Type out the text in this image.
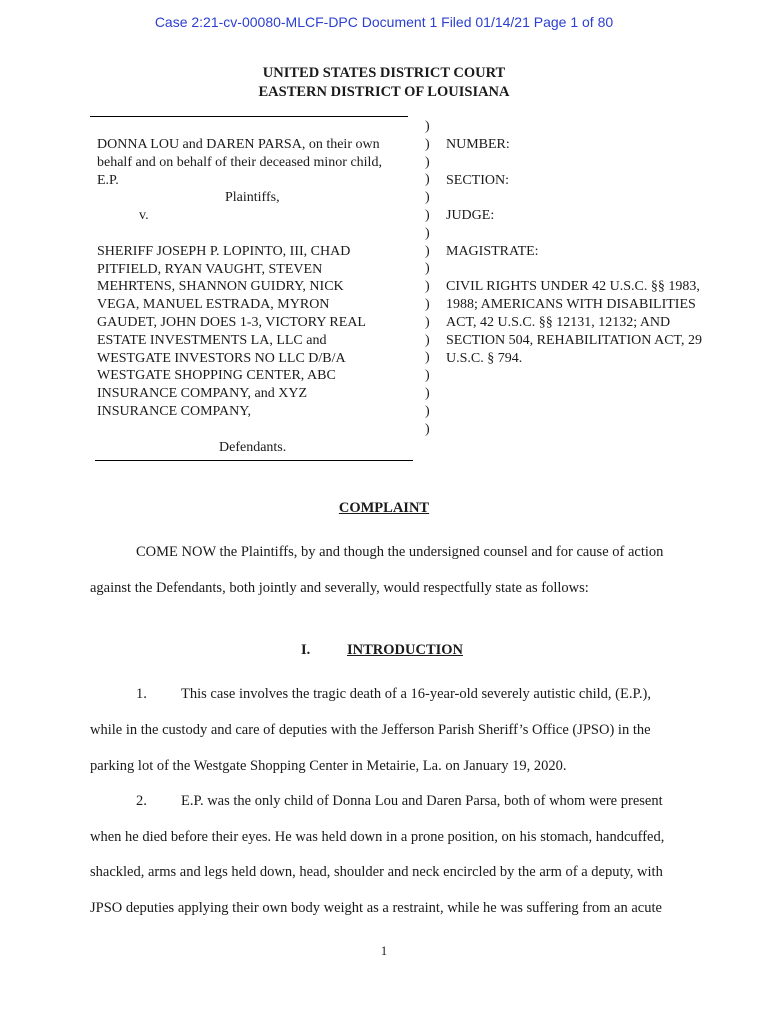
Case 2:21-cv-00080-MLCF-DPC Document 1 Filed 01/14/21 Page 1 of 80
UNITED STATES DISTRICT COURT
EASTERN DISTRICT OF LOUISIANA
DONNA LOU and DAREN PARSA, on their own
behalf and on behalf of their deceased minor child,
E.P.
Plaintiffs,
v.
SHERIFF JOSEPH P. LOPINTO, III, CHAD
PITFIELD, RYAN VAUGHT, STEVEN
MEHRTENS, SHANNON GUIDRY, NICK
VEGA, MANUEL ESTRADA, MYRON
GAUDET, JOHN DOES 1-3, VICTORY REAL
ESTATE INVESTMENTS LA, LLC and
WESTGATE INVESTORS NO LLC D/B/A
WESTGATE SHOPPING CENTER, ABC
INSURANCE COMPANY, and XYZ
INSURANCE COMPANY,
Defendants.
)
)
)
)
)
)
)
)
)
)
)
)
)
)
)
)
)
)
NUMBER:
SECTION:
JUDGE:
MAGISTRATE:
CIVIL RIGHTS UNDER 42 U.S.C. §§ 1983,
1988; AMERICANS WITH DISABILITIES
ACT, 42 U.S.C. §§ 12131, 12132; AND
SECTION 504, REHABILITATION ACT, 29
U.S.C. § 794.
COMPLAINT
COME NOW the Plaintiffs, by and though the undersigned counsel and for cause of action
against the Defendants, both jointly and severally, would respectfully state as follows:
I.	INTRODUCTION
1. This case involves the tragic death of a 16-year-old severely autistic child, (E.P.),
while in the custody and care of deputies with the Jefferson Parish Sheriff’s Office (JPSO) in the
parking lot of the Westgate Shopping Center in Metairie, La. on January 19, 2020.
2. E.P. was the only child of Donna Lou and Daren Parsa, both of whom were present
when he died before their eyes. He was held down in a prone position, on his stomach, handcuffed,
shackled, arms and legs held down, head, shoulder and neck encircled by the arm of a deputy, with
JPSO deputies applying their own body weight as a restraint, while he was suffering from an acute
1
